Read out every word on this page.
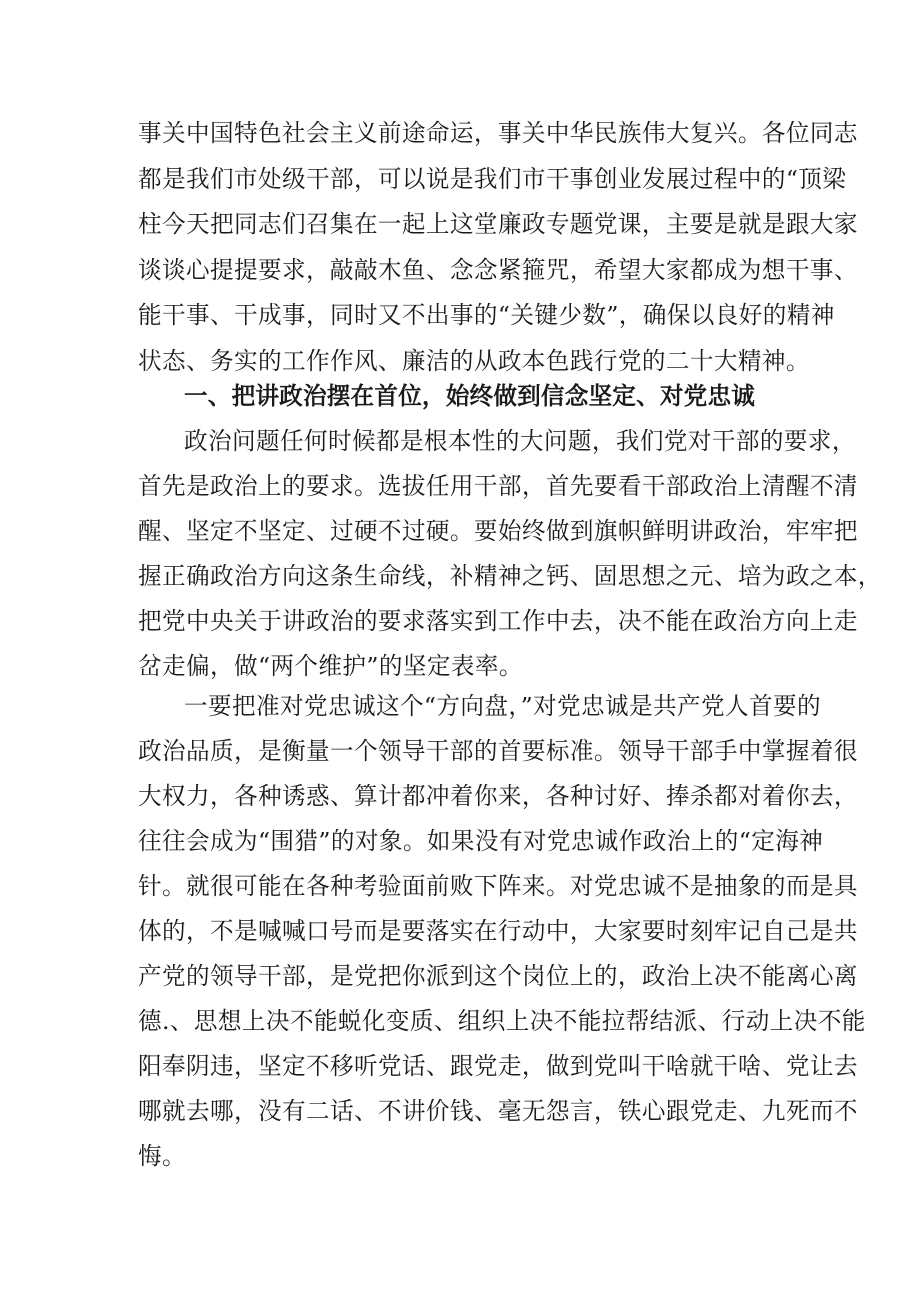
事关中国特色社会主义前途命运，事关中华民族伟大复兴。各位同志
都是我们市处级干部，可以说是我们市干事创业发展过程中的“顶梁
柱今天把同志们召集在一起上这堂廉政专题党课，主要是就是跟大家
谈谈心提提要求，敲敲木鱼、念念紧箍咒，希望大家都成为想干事、
能干事、干成事，同时又不出事的“关键少数”，确保以良好的精神
状态、务实的工作作风、廉洁的从政本色践行党的二十大精神。
一、把讲政治摆在首位，始终做到信念坚定、对党忠诚
政治问题任何时候都是根本性的大问题，我们党对干部的要求，
首先是政治上的要求。选拔任用干部，首先要看干部政治上清醒不清
醒、坚定不坚定、过硬不过硬。要始终做到旗帜鲜明讲政治，牢牢把
握正确政治方向这条生命线，补精神之钙、固思想之元、培为政之本，
把党中央关于讲政治的要求落实到工作中去，决不能在政治方向上走
岔走偏，做“两个维护”的坚定表率。
一要把准对党忠诚这个“方向盘，”对党忠诚是共产党人首要的
政治品质，是衡量一个领导干部的首要标准。领导干部手中掌握着很
大权力，各种诱惑、算计都冲着你来，各种讨好、捧杀都对着你去，
往往会成为“围猎”的对象。如果没有对党忠诚作政治上的“定海神
针。就很可能在各种考验面前败下阵来。对党忠诚不是抽象的而是具
体的，不是喊喊口号而是要落实在行动中，大家要时刻牢记自己是共
产党的领导干部，是党把你派到这个岗位上的，政治上决不能离心离
德.、思想上决不能蜕化变质、组织上决不能拉帮结派、行动上决不能
阳奉阴违，坚定不移听党话、跟党走，做到党叫干啥就干啥、党让去
哪就去哪，没有二话、不讲价钱、毫无怨言，铁心跟党走、九死而不
悔。
